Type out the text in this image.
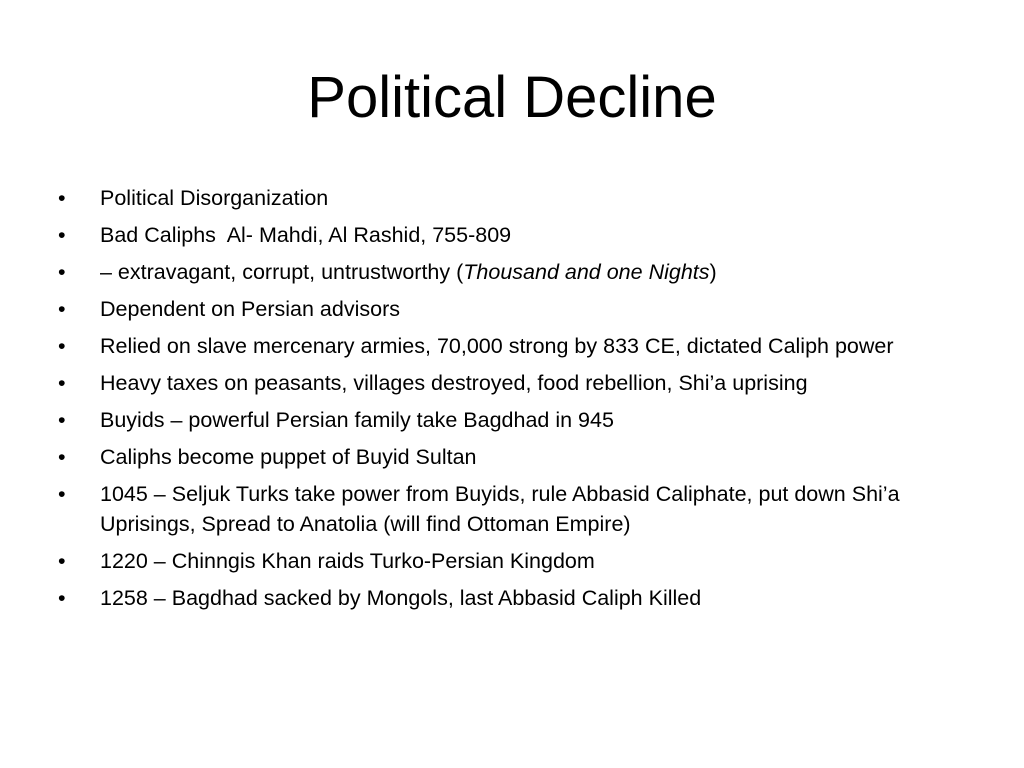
Political Decline
• Political Disorganization
• Bad Caliphs  Al- Mahdi, Al Rashid, 755-809
• – extravagant, corrupt, untrustworthy (Thousand and one Nights)
• Dependent on Persian advisors
• Relied on slave mercenary armies, 70,000 strong by 833 CE, dictated Caliph power
• Heavy taxes on peasants, villages destroyed, food rebellion, Shi’a uprising
• Buyids – powerful Persian family take Bagdhad in 945
• Caliphs become puppet of Buyid Sultan
• 1045 – Seljuk Turks take power from Buyids, rule Abbasid Caliphate, put down Shi’a Uprisings, Spread to Anatolia (will find Ottoman Empire)
• 1220 – Chinngis Khan raids Turko-Persian Kingdom
• 1258 – Bagdhad sacked by Mongols, last Abbasid Caliph Killed
